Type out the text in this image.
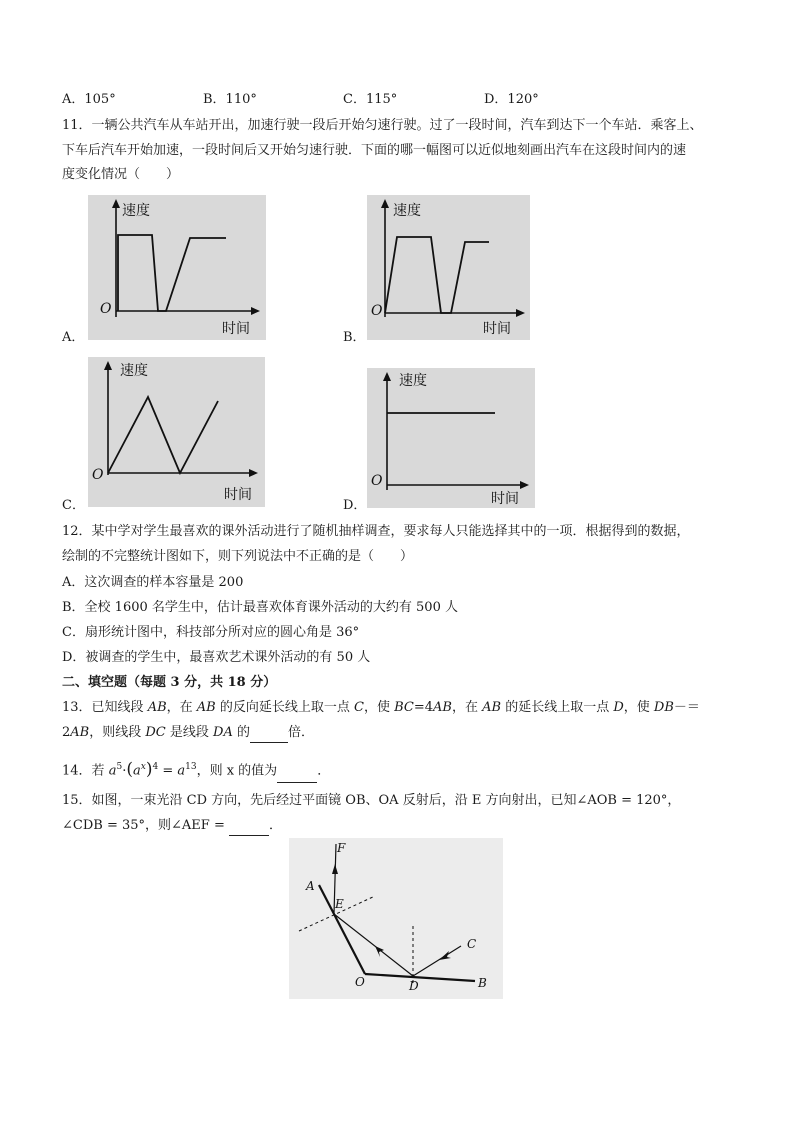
A．105°	B．110°	C．115°	D．120°
11．一辆公共汽车从车站开出，加速行驶一段后开始匀速行驶。过了一段时间，汽车到达下一个车站．乘客上、
下车后汽车开始加速，一段时间后又开始匀速行驶．下面的哪一幅图可以近似地刻画出汽车在这段时间内的速
度变化情况（　　）
速度
时间
O
A．
速度
时间
O
B．
速度
时间
O
C．
速度
时间
O
D．
12．某中学对学生最喜欢的课外活动进行了随机抽样调查，要求每人只能选择其中的一项．根据得到的数据，
绘制的不完整统计图如下，则下列说法中不正确的是（　　）
A．这次调查的样本容量是 200
B．全校 1600 名学生中，估计最喜欢体育课外活动的大约有 500 人
C．扇形统计图中，科技部分所对应的圆心角是 36°
D．被调查的学生中，最喜欢艺术课外活动的有 50 人
二、填空题（每题 3 分，共 18 分）
13．已知线段 AB，在 AB 的反向延长线上取一点 C，使 BC=4AB，在 AB 的延长线上取一点 D，使 DB－＝
2AB，则线段 DC 是线段 DA 的	倍．
14．若 $a^5\cdot(a^x)^4 = a^{13}$，则 x 的值为	．
15．如图，一束光沿 CD 方向，先后经过平面镜 OB、OA 反射后，沿 E 方向射出，已知∠AOB = 120°，
∠CDB = 35°，则∠AEF =	．
F
A
E
C
O	D	B
